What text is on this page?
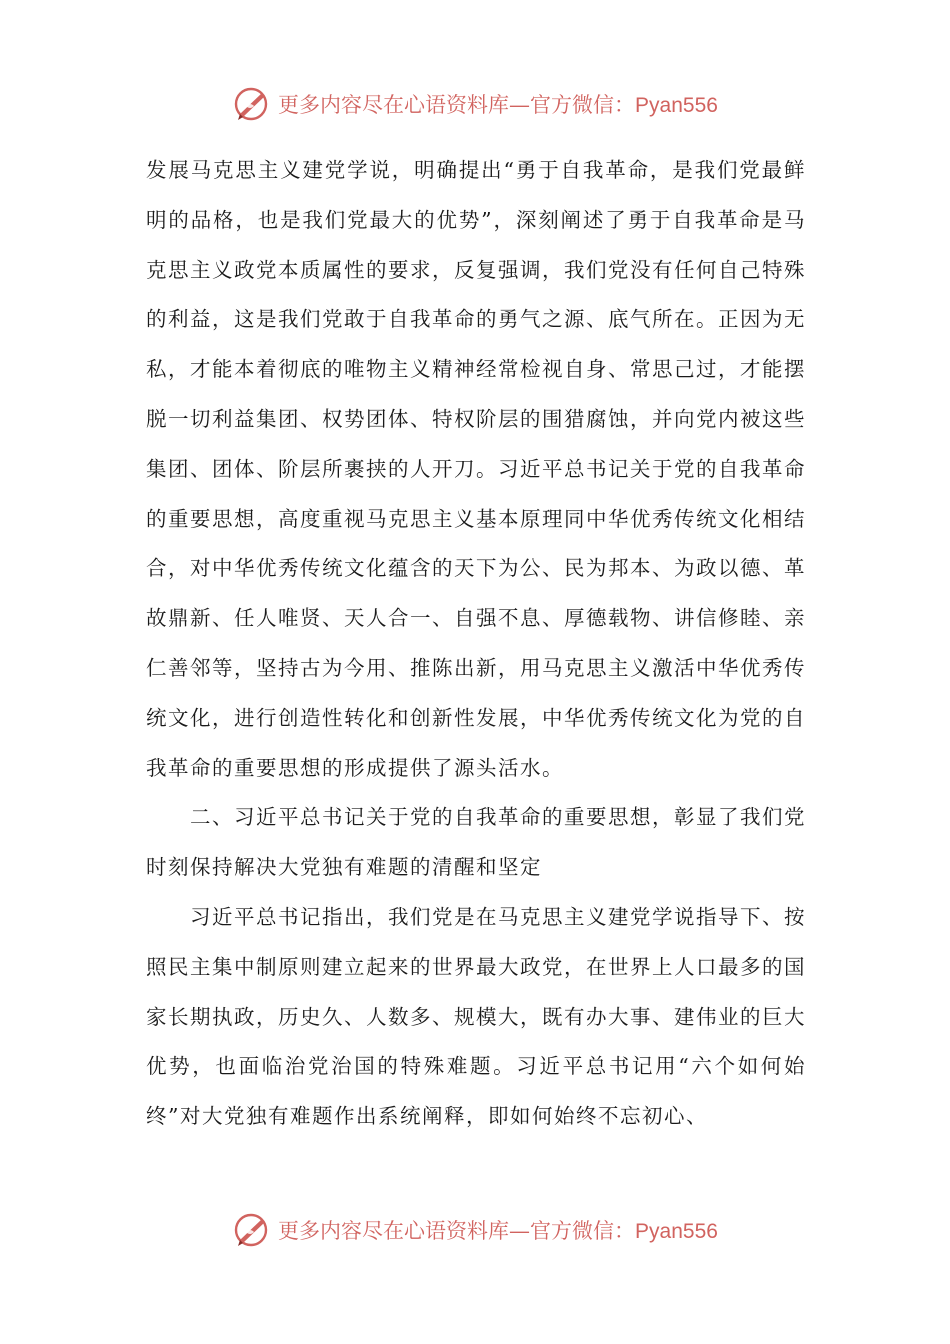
更多内容尽在心语资料库—官方微信：Pyan556

发展马克思主义建党学说，明确提出“勇于自我革命，是我们党最鲜明的品格，也是我们党最大的优势”，深刻阐述了勇于自我革命是马克思主义政党本质属性的要求，反复强调，我们党没有任何自己特殊的利益，这是我们党敢于自我革命的勇气之源、底气所在。正因为无私，才能本着彻底的唯物主义精神经常检视自身、常思己过，才能摆脱一切利益集团、权势团体、特权阶层的围猎腐蚀，并向党内被这些集团、团体、阶层所裹挟的人开刀。习近平总书记关于党的自我革命的重要思想，高度重视马克思主义基本原理同中华优秀传统文化相结合，对中华优秀传统文化蕴含的天下为公、民为邦本、为政以德、革故鼎新、任人唯贤、天人合一、自强不息、厚德载物、讲信修睦、亲仁善邻等，坚持古为今用、推陈出新，用马克思主义激活中华优秀传统文化，进行创造性转化和创新性发展，中华优秀传统文化为党的自我革命的重要思想的形成提供了源头活水。

二、习近平总书记关于党的自我革命的重要思想，彰显了我们党时刻保持解决大党独有难题的清醒和坚定

习近平总书记指出，我们党是在马克思主义建党学说指导下、按照民主集中制原则建立起来的世界最大政党，在世界上人口最多的国家长期执政，历史久、人数多、规模大，既有办大事、建伟业的巨大优势，也面临治党治国的特殊难题。习近平总书记用“六个如何始终”对大党独有难题作出系统阐释，即如何始终不忘初心、

更多内容尽在心语资料库—官方微信：Pyan556
